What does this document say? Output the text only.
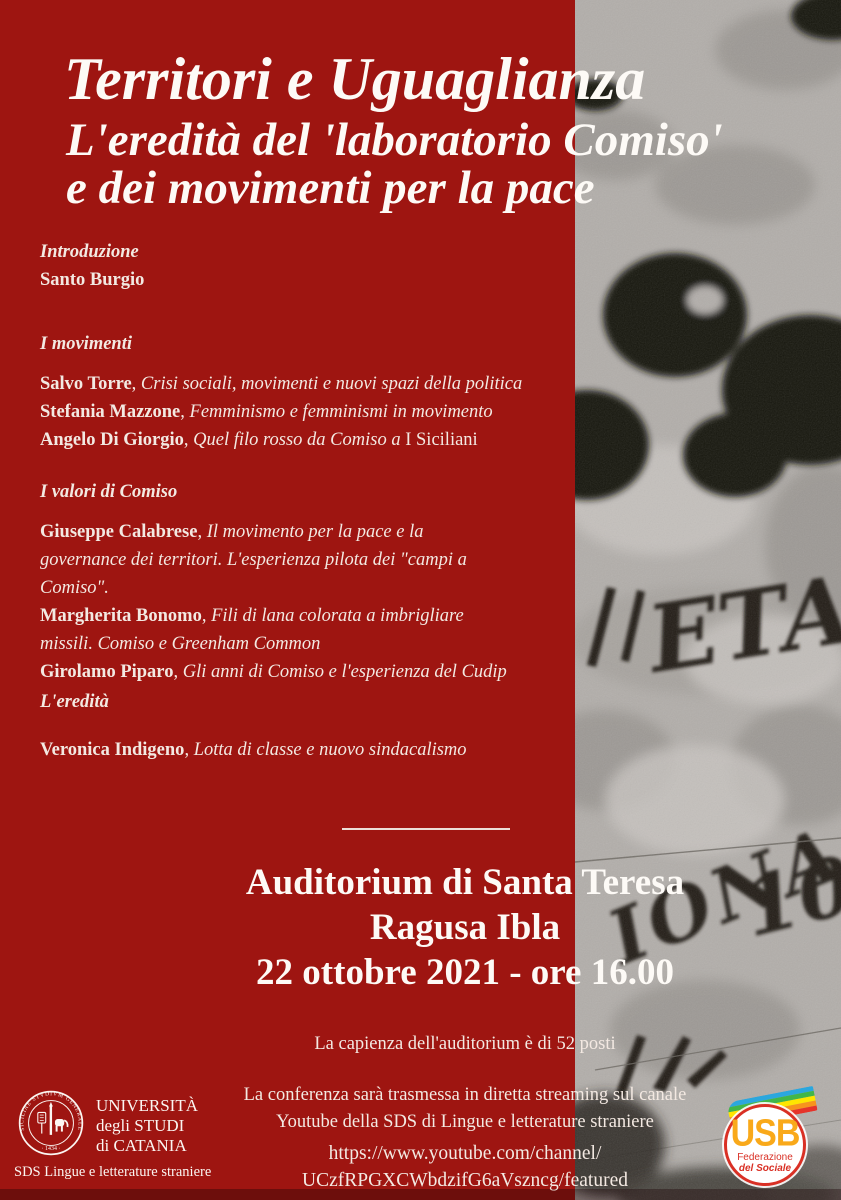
Territori e Uguaglianza
L'eredità del 'laboratorio Comiso'
e dei movimenti per la pace

Introduzione

Santo Burgio

I movimenti

Salvo Torre, Crisi sociali, movimenti e nuovi spazi della politica

Stefania Mazzone, Femminismo e femminismi in movimento

Angelo Di Giorgio, Quel filo rosso da Comiso a I Siciliani

I valori di Comiso

Giuseppe Calabrese, Il movimento per la pace e la
governance dei territori. L'esperienza pilota dei "campi a
Comiso".

Margherita Bonomo, Fili di lana colorata a imbrigliare
missili. Comiso e Greenham Common

Girolamo Piparo, Gli anni di Comiso e l'esperienza del Cudip

L'eredità

Veronica Indigeno, Lotta di classe e nuovo sindacalismo

Auditorium di Santa Teresa

Ragusa Ibla

22 ottobre 2021 - ore 16.00

La capienza dell'auditorium è di 52 posti

La conferenza sarà trasmessa in diretta streaming sul canale

Youtube della SDS di Lingue e letterature straniere

https://www.youtube.com/channel/

UCzfRPGXCWbdzifG6aVszncg/featured

SICILIAE STVDIVM GENERALE
· 1434 ·

UNIVERSITÀ

degli STUDI

di CATANIA

SDS Lingue e letterature straniere
USB
Federazione
del Sociale
